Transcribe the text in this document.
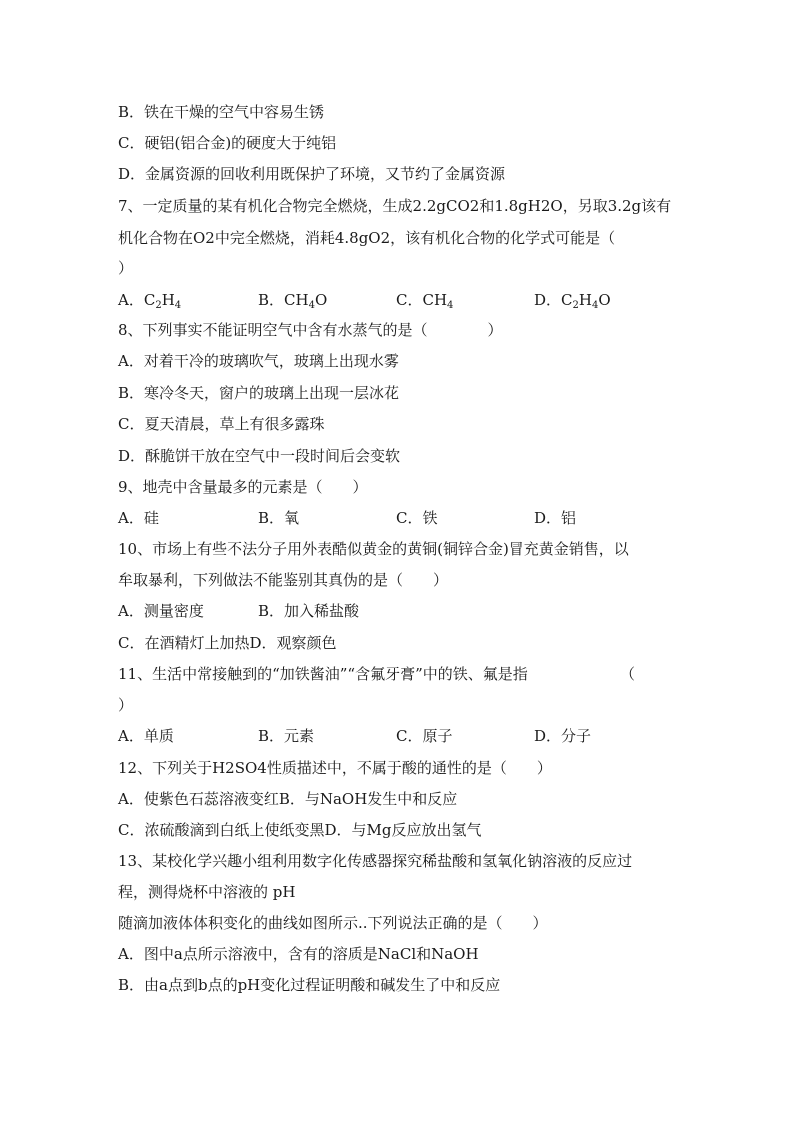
B．铁在干燥的空气中容易生锈
C．硬铝(铝合金)的硬度大于纯铝
D．金属资源的回收利用既保护了环境，又节约了金属资源
7、一定质量的某有机化合物完全燃烧，生成2.2gCO2和1.8gH2O，另取3.2g该有
机化合物在O2中完全燃烧，消耗4.8gO2，该有机化合物的化学式可能是（
）
A．$C_2H_4$	B．$CH_4O$	C．$CH_4$	D．$C_2H_4O$
8、下列事实不能证明空气中含有水蒸气的是（　　　　）
A．对着干冷的玻璃吹气，玻璃上出现水雾
B．寒冷冬天，窗户的玻璃上出现一层冰花
C．夏天清晨，草上有很多露珠
D．酥脆饼干放在空气中一段时间后会变软
9、地壳中含量最多的元素是（　　）
A．硅	B．氧	C．铁	D．铝
10、市场上有些不法分子用外表酷似黄金的黄铜(铜锌合金)冒充黄金销售，以
牟取暴利，下列做法不能鉴别其真伪的是（　　）
A．测量密度	B．加入稀盐酸
C．在酒精灯上加热D．观察颜色
11、生活中常接触到的“加铁酱油”“含氟牙膏”中的铁、氟是指	（
）
A．单质	B．元素	C．原子	D．分子
12、下列关于H2SO4性质描述中，不属于酸的通性的是（　　）
A．使紫色石蕊溶液变红B．与NaOH发生中和反应
C．浓硫酸滴到白纸上使纸变黑D．与Mg反应放出氢气
13、某校化学兴趣小组利用数字化传感器探究稀盐酸和氢氧化钠溶液的反应过
程，测得烧杯中溶液的 pH
随滴加液体体积变化的曲线如图所示..下列说法正确的是（　　）
A．图中a点所示溶液中，含有的溶质是NaCl和NaOH
B．由a点到b点的pH变化过程证明酸和碱发生了中和反应
